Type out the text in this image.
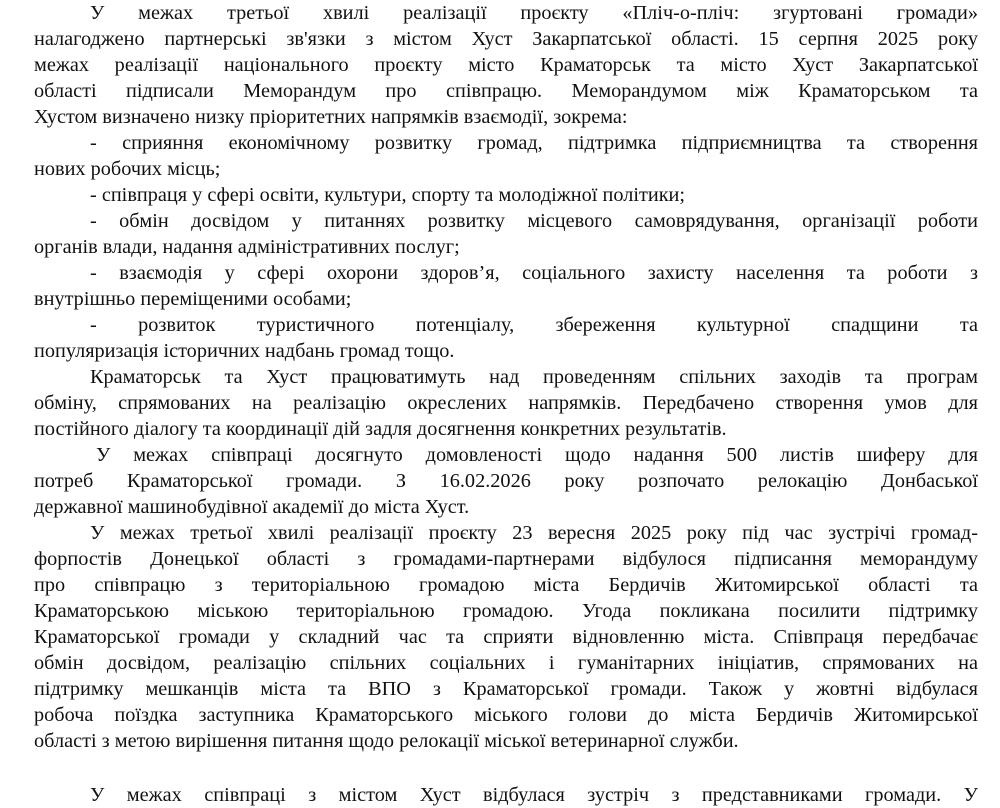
У межах третьої хвилі реалізації проєкту «Пліч-о-пліч: згуртовані громади»
налагоджено партнерські зв'язки з містом Хуст Закарпатської області. 15 серпня 2025 року
межах реалізації національного проєкту місто Краматорськ та місто Хуст Закарпатської
області підписали Меморандум про співпрацю. Меморандумом між Краматорськом та
Хустом визначено низку пріоритетних напрямків взаємодії, зокрема:
- сприяння економічному розвитку громад, підтримка підприємництва та створення
нових робочих місць;
- співпраця у сфері освіти, культури, спорту та молодіжної політики;
- обмін досвідом у питаннях розвитку місцевого самоврядування, організації роботи
органів влади, надання адміністративних послуг;
- взаємодія у сфері охорони здоров’я, соціального захисту населення та роботи з
внутрішньо переміщеними особами;
- розвиток туристичного потенціалу, збереження культурної спадщини та
популяризація історичних надбань громад тощо.
Краматорськ та Хуст працюватимуть над проведенням спільних заходів та програм
обміну, спрямованих на реалізацію окреслених напрямків. Передбачено створення умов для
постійного діалогу та координації дій задля досягнення конкретних результатів.
У межах співпраці досягнуто домовленості щодо надання 500 листів шиферу для
потреб Краматорської громади. З 16.02.2026 року розпочато релокацію Донбаської
державної машинобудівної академії до міста Хуст.
У межах третьої хвилі реалізації проєкту 23 вересня 2025 року під час зустрічі громад-
форпостів Донецької області з громадами-партнерами відбулося підписання меморандуму
про співпрацю з територіальною громадою міста Бердичів Житомирської області та
Краматорською міською територіальною громадою. Угода покликана посилити підтримку
Краматорської громади у складний час та сприяти відновленню міста. Співпраця передбачає
обмін досвідом, реалізацію спільних соціальних і гуманітарних ініціатив, спрямованих на
підтримку мешканців міста та ВПО з Краматорської громади. Також у жовтні відбулася
робоча поїздка заступника Краматорського міського голови до міста Бердичів Житомирської
області з метою вирішення питання щодо релокації міської ветеринарної служби.
У межах співпраці з містом Хуст відбулася зустріч з представниками громади. У
